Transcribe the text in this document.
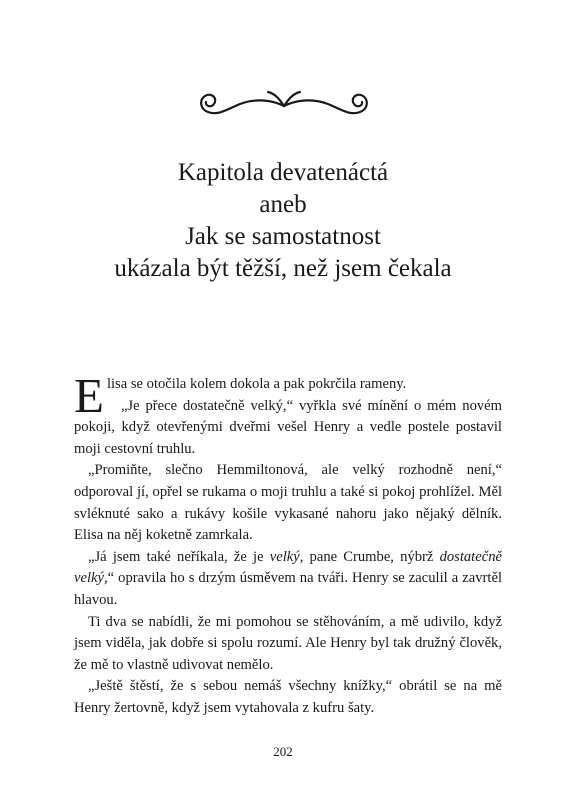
Kapitola devatenáctá
aneb
Jak se samostatnost
ukázala být těžší, než jsem čekala

Elisa se otočila kolem dokola a pak pokrčila rameny.

„Je přece dostatečně velký,“ vyřkla své mínění o mém novém pokoji, když otevřenými dveřmi vešel Henry a vedle postele postavil moji cestovní truhlu.

„Promiňte, slečno Hemmiltonová, ale velký rozhodně není,“ odporoval jí, opřel se rukama o moji truhlu a také si pokoj prohlížel. Měl svléknuté sako a rukávy košile vykasané nahoru jako nějaký dělník. Elisa na něj koketně zamrkala.

„Já jsem také neříkala, že je velký, pane Crumbe, nýbrž dostatečně velký,“ opravila ho s drzým úsměvem na tváři. Henry se zaculil a zavrtěl hlavou.

Ti dva se nabídli, že mi pomohou se stěhováním, a mě udivilo, když jsem viděla, jak dobře si spolu rozumí. Ale Henry byl tak družný člověk, že mě to vlastně udivovat nemělo.

„Ještě štěstí, že s sebou nemáš všechny knížky,“ obrátil se na mě Henry žertovně, když jsem vytahovala z kufru šaty.

202
